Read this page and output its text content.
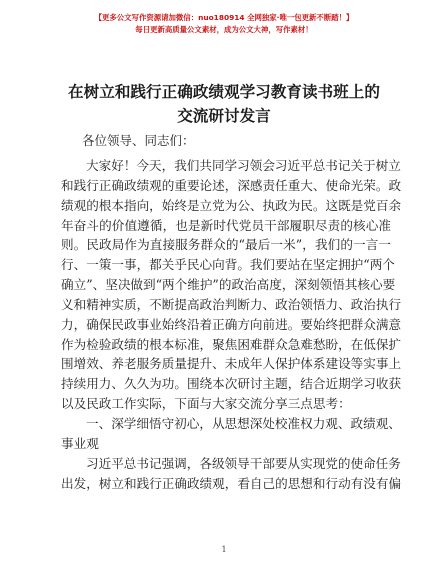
【更多公文写作资源请加微信：nuo180914 全网独家·唯一包更新不断踏！】
每日更新高质量公文素材，成为公文大神，写作素材！
在树立和践行正确政绩观学习教育读书班上的
交流研讨发言
各位领导、同志们：
大家好！今天，我们共同学习领会习近平总书记关于树立
和践行正确政绩观的重要论述，深感责任重大、使命光荣。政
绩观的根本指向，始终是立党为公、执政为民。这既是党百余
年奋斗的价值遵循，也是新时代党员干部履职尽责的核心准
则。民政局作为直接服务群众的“最后一米”，我们的一言一
行、一策一事，都关乎民心向背。我们要站在坚定拥护“两个
确立”、坚决做到“两个维护”的政治高度，深刻领悟其核心要
义和精神实质，不断提高政治判断力、政治领悟力、政治执行
力，确保民政事业始终沿着正确方向前进。要始终把群众满意
作为检验政绩的根本标准，聚焦困难群众急难愁盼，在低保扩
围增效、养老服务质量提升、未成年人保护体系建设等实事上
持续用力、久久为功。围绕本次研讨主题，结合近期学习收获
以及民政工作实际，下面与大家交流分享三点思考：
一、深学细悟守初心，从思想深处校准权力观、政绩观、
事业观
习近平总书记强调，各级领导干部要从实现党的使命任务
出发，树立和践行正确政绩观，看自己的思想和行动有没有偏
1
